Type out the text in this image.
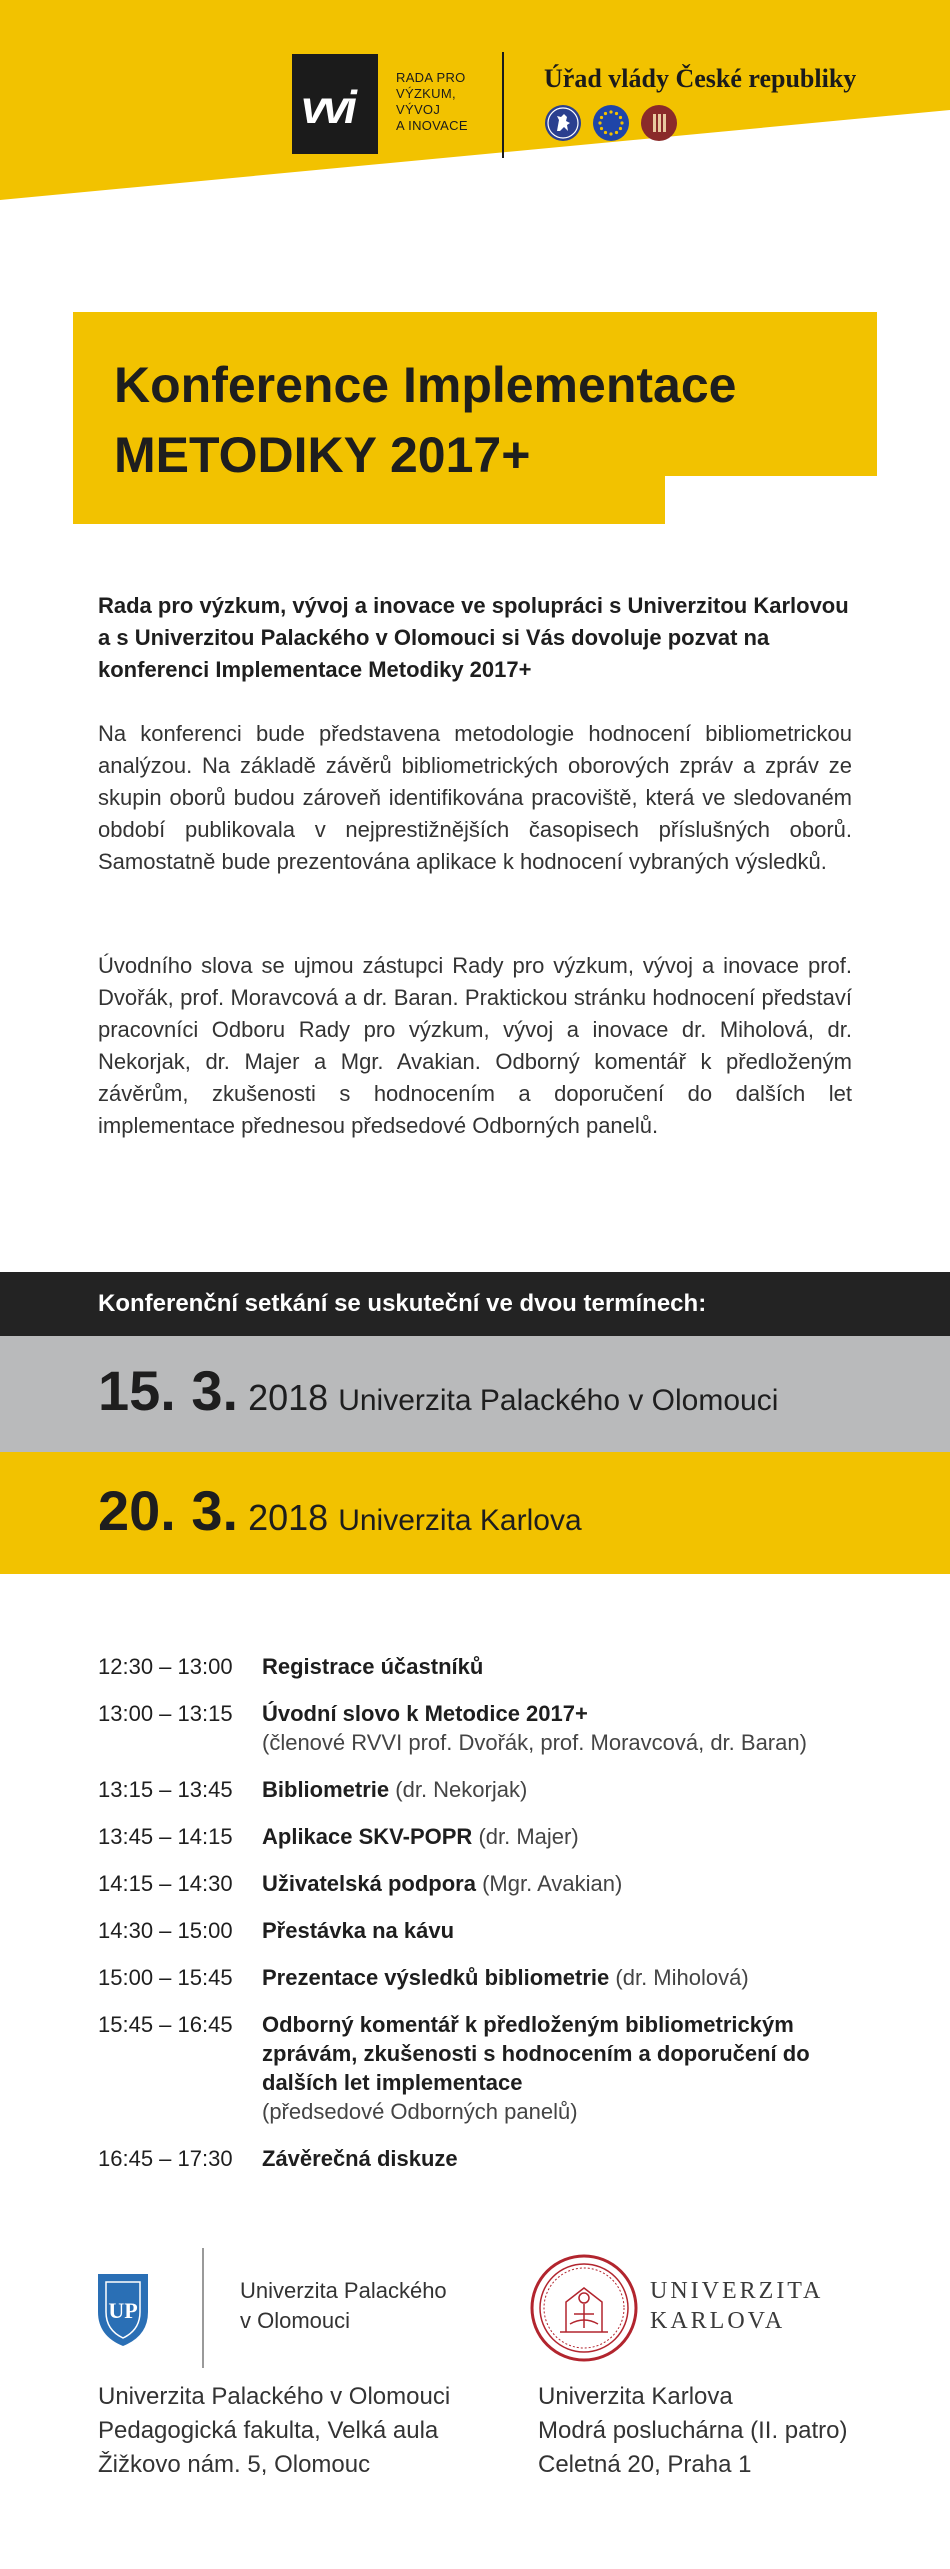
vvi
RADA PRO
VÝZKUM,
VÝVOJ
A INOVACE
Úřad vlády České republiky
Konference Implementace
METODIKY 2017+
Rada pro výzkum, vývoj a inovace ve spolupráci s Univerzitou Karlovou a s Univerzitou Palackého v Olomouci si Vás dovoluje pozvat na konferenci Implementace Metodiky 2017+
Na konferenci bude představena metodologie hodnocení bibliometrickou analýzou. Na základě závěrů bibliometrických oborových zpráv a zpráv ze skupin oborů budou zároveň identifikována pracoviště, která ve sledovaném období publikovala v nejprestižnějších časopisech příslušných oborů. Samostatně bude prezentována aplikace k hodnocení vybraných výsledků.
Úvodního slova se ujmou zástupci Rady pro výzkum, vývoj a inovace prof. Dvořák, prof. Moravcová a dr. Baran. Praktickou stránku hodnocení představí pracovníci Odboru Rady pro výzkum, vývoj a inovace dr. Miholová, dr. Nekorjak, dr. Majer a Mgr. Avakian. Odborný komentář k předloženým závěrům, zkušenosti s hodnocením a doporučení do dalších let implementace přednesou předsedové Odborných panelů.
Konferenční setkání se uskuteční ve dvou termínech:
15. 3. 2018 Univerzita Palackého v Olomouci
20. 3. 2018 Univerzita Karlova
12:30 – 13:00	Registrace účastníků
13:00 – 13:15	Úvodní slovo k Metodice 2017+
(členové RVVI prof. Dvořák, prof. Moravcová, dr. Baran)
13:15 – 13:45	Bibliometrie (dr. Nekorjak)
13:45 – 14:15	Aplikace SKV-POPR (dr. Majer)
14:15 – 14:30	Uživatelská podpora (Mgr. Avakian)
14:30 – 15:00	Přestávka na kávu
15:00 – 15:45	Prezentace výsledků bibliometrie (dr. Miholová)
15:45 – 16:45	Odborný komentář k předloženým bibliometrickým zprávám, zkušenosti s hodnocením a doporučení do dalších let implementace
(předsedové Odborných panelů)
16:45 – 17:30	Závěrečná diskuze
UP
Univerzita Palackého
v Olomouci
UNIVERZITA
KARLOVA
Univerzita Palackého v Olomouci
Pedagogická fakulta, Velká aula
Žižkovo nám. 5, Olomouc
Univerzita Karlova
Modrá posluchárna (II. patro)
Celetná 20, Praha 1
